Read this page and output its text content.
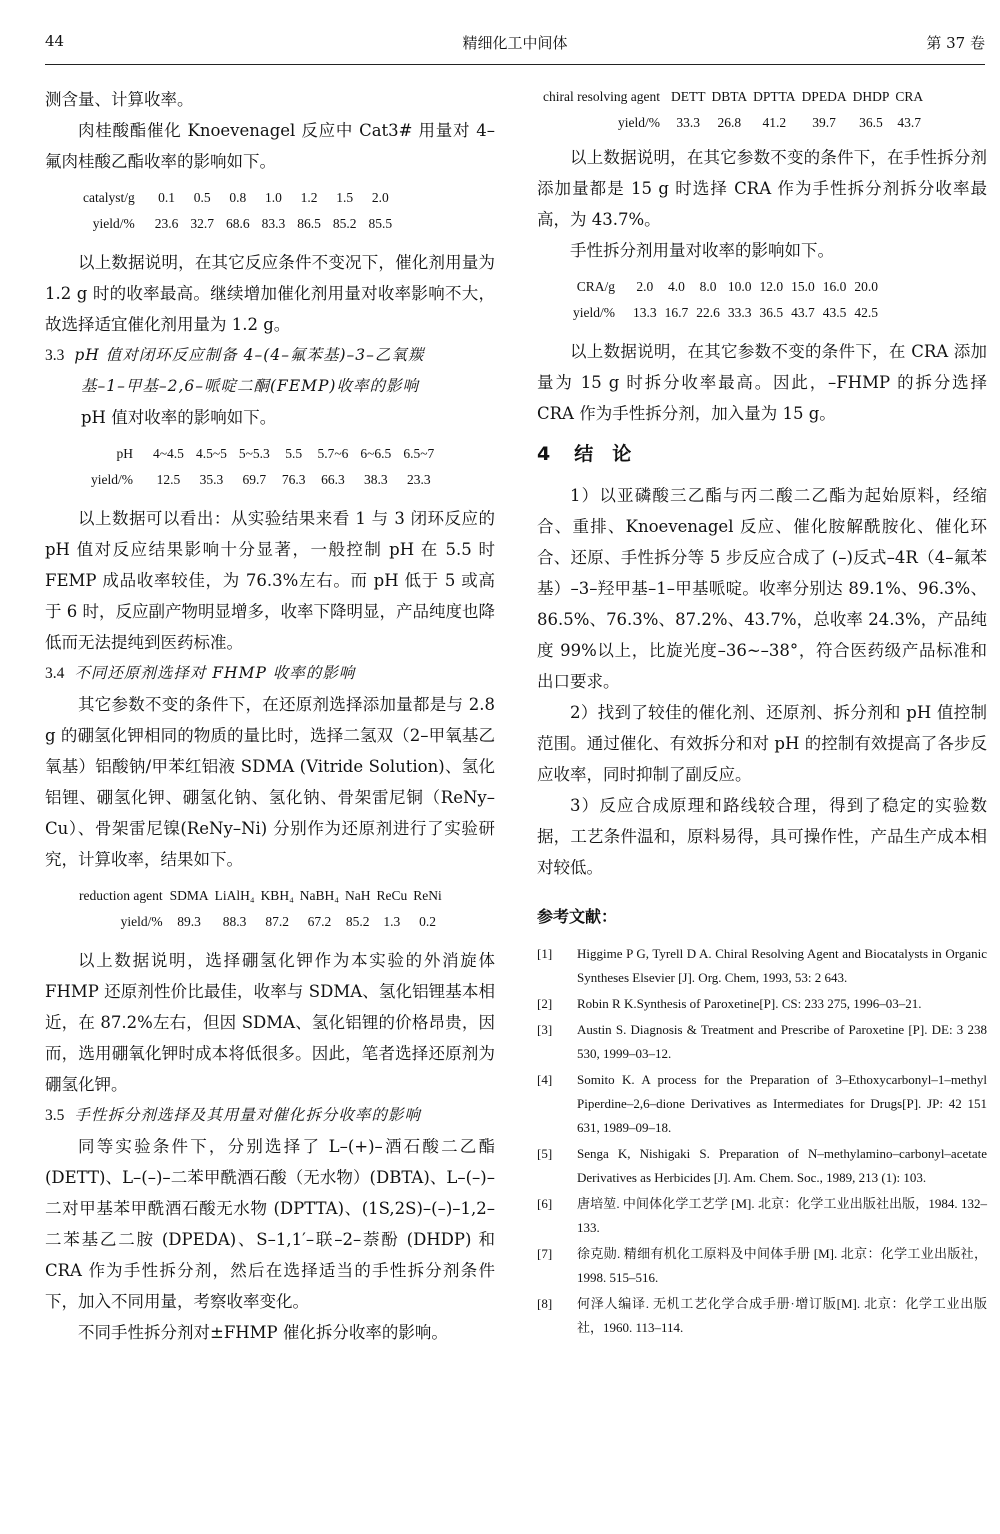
44	精细化工中间体	第 37 卷

测含量、计算收率。

肉桂酸酯催化 Knoevenagel 反应中 Cat3# 用量对 4–氟肉桂酸乙酯收率的影响如下。

catalyst/g	0.1	0.5	0.8	1.0	1.2	1.5	2.0
yield/%	23.6	32.7	68.6	83.3	86.5	85.2	85.5

以上数据说明，在其它反应条件不变况下，催化剂用量为 1.2 g 时的收率最高。继续增加催化剂用量对收率影响不大，故选择适宜催化剂用量为 1.2 g。

3.3 pH 值对闭环反应制备 4–(4–氟苯基)–3–乙氧羰
基–1–甲基–2,6–哌啶二酮(FEMP)收率的影响

pH 值对收率的影响如下。

pH	4~4.5	4.5~5	5~5.3	5.5	5.7~6	6~6.5	6.5~7
yield/%	12.5	35.3	69.7	76.3	66.3	38.3	23.3

以上数据可以看出：从实验结果来看 1 与 3 闭环反应的 pH 值对反应结果影响十分显著，一般控制 pH 在 5.5 时 FEMP 成品收率较佳，为 76.3%左右。而 pH 低于 5 或高于 6 时，反应副产物明显增多，收率下降明显，产品纯度也降低而无法提纯到医药标准。

3.4 不同还原剂选择对 FHMP 收率的影响

其它参数不变的条件下，在还原剂选择添加量都是与 2.8 g 的硼氢化钾相同的物质的量比时，选择二氢双（2–甲氧基乙氧基）铝酸钠/甲苯红铝液 SDMA (Vitride Solution)、氢化铝锂、硼氢化钾、硼氢化钠、氢化钠、骨架雷尼铜（ReNy–Cu）、骨架雷尼镍(ReNy–Ni) 分别作为还原剂进行了实验研究，计算收率，结果如下。

reduction agent	SDMA	LiAlH₄	KBH₄	NaBH₄	NaH	ReCu	ReNi
yield/%	89.3	88.3	87.2	67.2	85.2	1.3	0.2

以上数据说明，选择硼氢化钾作为本实验的外消旋体 FHMP 还原剂性价比最佳，收率与 SDMA、氢化铝锂基本相近，在 87.2%左右，但因 SDMA、氢化铝锂的价格昂贵，因而，选用硼氧化钾时成本将低很多。因此，笔者选择还原剂为硼氢化钾。

3.5 手性拆分剂选择及其用量对催化拆分收率的影响

同等实验条件下，分别选择了 L–(+)–酒石酸二乙酯 (DETT)、L–(–)–二苯甲酰酒石酸（无水物）(DBTA)、L–(–)–二对甲基苯甲酰酒石酸无水物 (DPTTA)、(1S,2S)–(–)–1,2–二苯基乙二胺 (DPEDA)、S–1,1′–联–2–萘酚 (DHDP) 和 CRA 作为手性拆分剂，然后在选择适当的手性拆分剂条件下，加入不同用量，考察收率变化。

不同手性拆分剂对±FHMP 催化拆分收率的影响。

chiral resolving agent	DETT	DBTA	DPTTA	DPEDA	DHDP	CRA
yield/%	33.3	26.8	41.2	39.7	36.5	43.7

以上数据说明，在其它参数不变的条件下，在手性拆分剂添加量都是 15 g 时选择 CRA 作为手性拆分剂拆分收率最高，为 43.7%。

手性拆分剂用量对收率的影响如下。

CRA/g	2.0	4.0	8.0	10.0	12.0	15.0	16.0	20.0
yield/%	13.3	16.7	22.6	33.3	36.5	43.7	43.5	42.5

以上数据说明，在其它参数不变的条件下，在 CRA 添加量为 15 g 时拆分收率最高。因此，–FHMP 的拆分选择 CRA 作为手性拆分剂，加入量为 15 g。

4 结　论

1）以亚磷酸三乙酯与丙二酸二乙酯为起始原料，经缩合、重排、Knoevenagel 反应、催化胺解酰胺化、催化环合、还原、手性拆分等 5 步反应合成了 (–)反式–4R（4–氟苯基）–3–羟甲基–1–甲基哌啶。收率分别达 89.1%、96.3%、86.5%、76.3%、87.2%、43.7%，总收率 24.3%，产品纯度 99%以上，比旋光度–36~–38°，符合医药级产品标准和出口要求。

2）找到了较佳的催化剂、还原剂、拆分剂和 pH 值控制范围。通过催化、有效拆分和对 pH 的控制有效提高了各步反应收率，同时抑制了副反应。

3）反应合成原理和路线较合理，得到了稳定的实验数据，工艺条件温和，原料易得，具可操作性，产品生产成本相对较低。

参考文献：
[1]	Higgime P G, Tyrell D A. Chiral Resolving Agent and Biocatalysts in Organic Syntheses Elsevier [J]. Org. Chem, 1993, 53: 2 643.
[2]	Robin R K.Synthesis of Paroxetine[P]. CS: 233 275, 1996–03–21.
[3]	Austin S. Diagnosis & Treatment and Prescribe of Paroxetine [P]. DE: 3 238 530, 1999–03–12.
[4]	Somito K. A process for the Preparation of 3–Ethoxycarbonyl–1–methyl Piperdine–2,6–dione Derivatives as Intermediates for Drugs[P]. JP: 42 151 631, 1989–09–18.
[5]	Senga K, Nishigaki S. Preparation of N–methylamino–carbonyl–acetate Derivatives as Herbicides [J]. Am. Chem. Soc., 1989, 213 (1): 103.
[6]	唐培堃. 中间体化学工艺学 [M]. 北京：化学工业出版社出版，1984. 132–133.
[7]	徐克勋. 精细有机化工原料及中间体手册 [M]. 北京：化学工业出版社，1998. 515–516.
[8]	何泽人编译. 无机工艺化学合成手册·增订版[M]. 北京：化学工业出版社，1960. 113–114.
